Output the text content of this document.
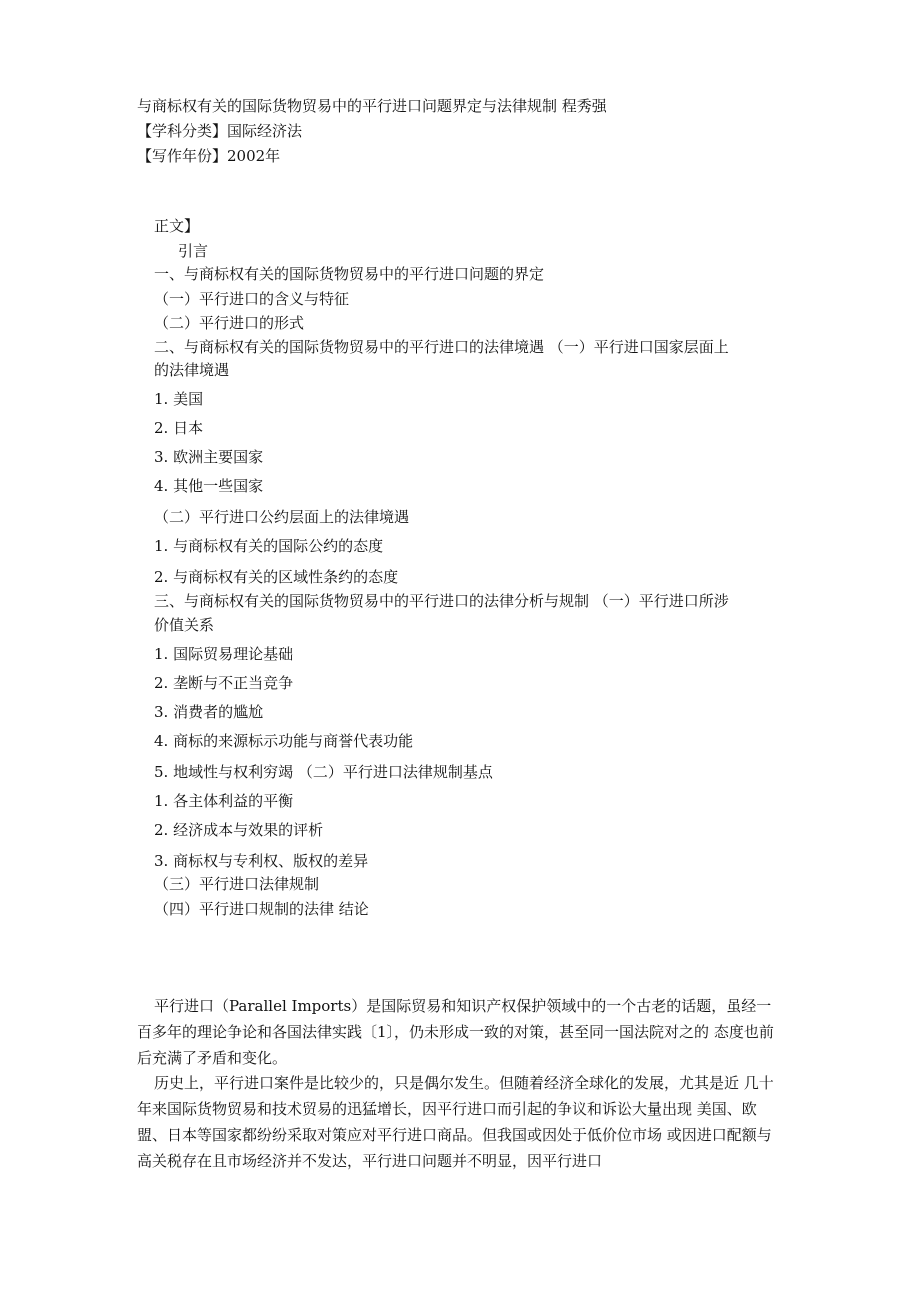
与商标权有关的国际货物贸易中的平行进口问题界定与法律规制 程秀强
【学科分类】国际经济法
【写作年份】2002年
正文】
引言
一、与商标权有关的国际货物贸易中的平行进口问题的界定
（一）平行进口的含义与特征
（二）平行进口的形式
二、与商标权有关的国际货物贸易中的平行进口的法律境遇 （一）平行进口国家层面上
的法律境遇
1. 美国
2. 日本
3. 欧洲主要国家
4. 其他一些国家
（二）平行进口公约层面上的法律境遇
1. 与商标权有关的国际公约的态度
2. 与商标权有关的区域性条约的态度
三、与商标权有关的国际货物贸易中的平行进口的法律分析与规制 （一）平行进口所涉
价值关系
1. 国际贸易理论基础
2. 垄断与不正当竞争
3. 消费者的尴尬
4. 商标的来源标示功能与商誉代表功能
5. 地域性与权利穷竭 （二）平行进口法律规制基点
1. 各主体利益的平衡
2. 经济成本与效果的评析
3. 商标权与专利权、版权的差异
（三）平行进口法律规制
（四）平行进口规制的法律 结论
平行进口（Parallel Imports）是国际贸易和知识产权保护领域中的一个古老的话题，虽经一百多年的理论争论和各国法律实践〔1〕，仍未形成一致的对策，甚至同一国法院对之的 态度也前后充满了矛盾和变化。
历史上，平行进口案件是比较少的，只是偶尔发生。但随着经济全球化的发展，尤其是近 几十年来国际货物贸易和技术贸易的迅猛增长，因平行进口而引起的争议和诉讼大量出现 美国、欧盟、日本等国家都纷纷采取对策应对平行进口商品。但我国或因处于低价位市场 或因进口配额与高关税存在且市场经济并不发达，平行进口问题并不明显，因平行进口
